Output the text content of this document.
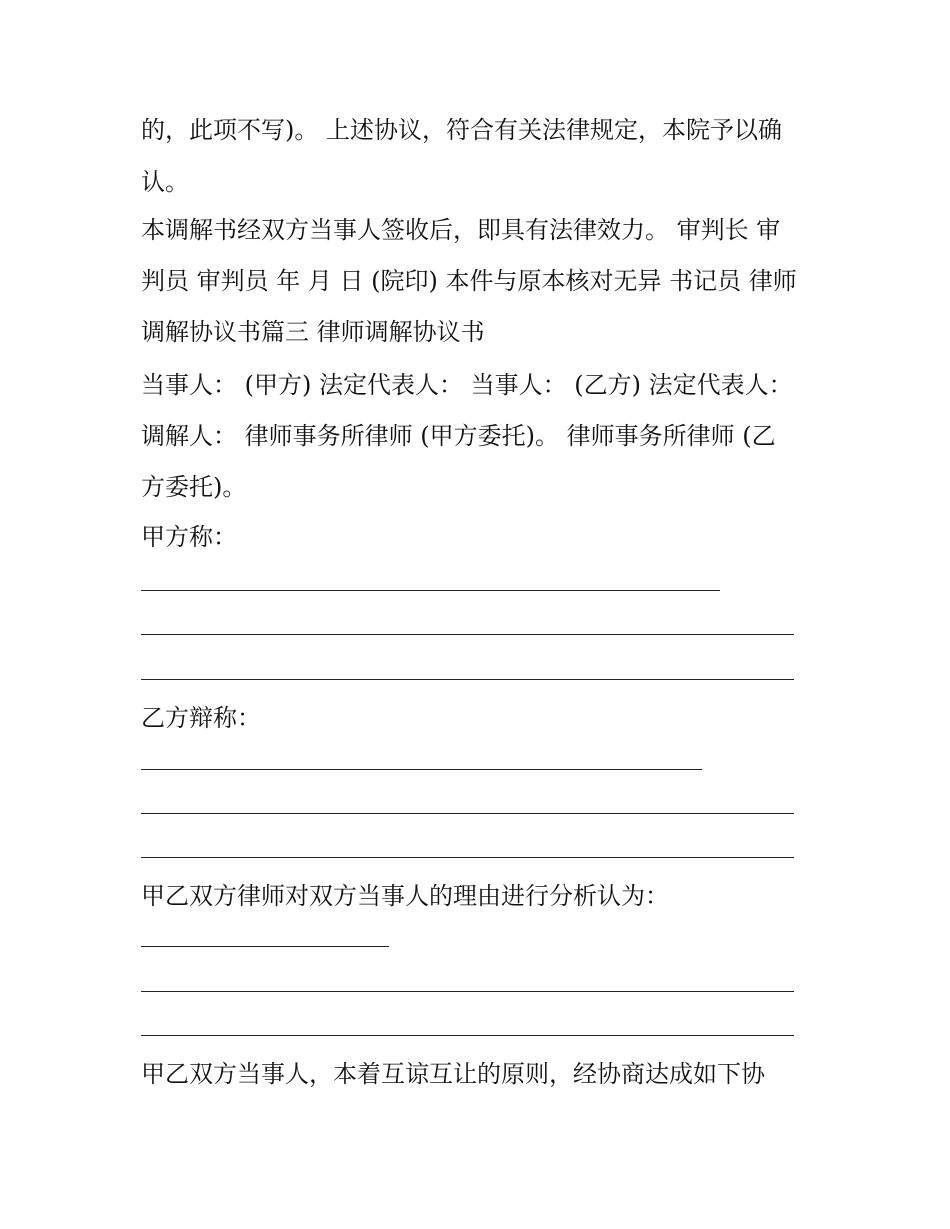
的，此项不写)。 上述协议，符合有关法律规定，本院予以确
认。
本调解书经双方当事人签收后，即具有法律效力。 审判长 审
判员 审判员 年 月 日 (院印) 本件与原本核对无异 书记员 律师
调解协议书篇三 律师调解协议书
当事人： (甲方) 法定代表人： 当事人： (乙方) 法定代表人：
调解人： 律师事务所律师 (甲方委托)。 律师事务所律师 (乙
方委托)。
甲方称：
乙方辩称：
甲乙双方律师对双方当事人的理由进行分析认为：
甲乙双方当事人，本着互谅互让的原则，经协商达成如下协
